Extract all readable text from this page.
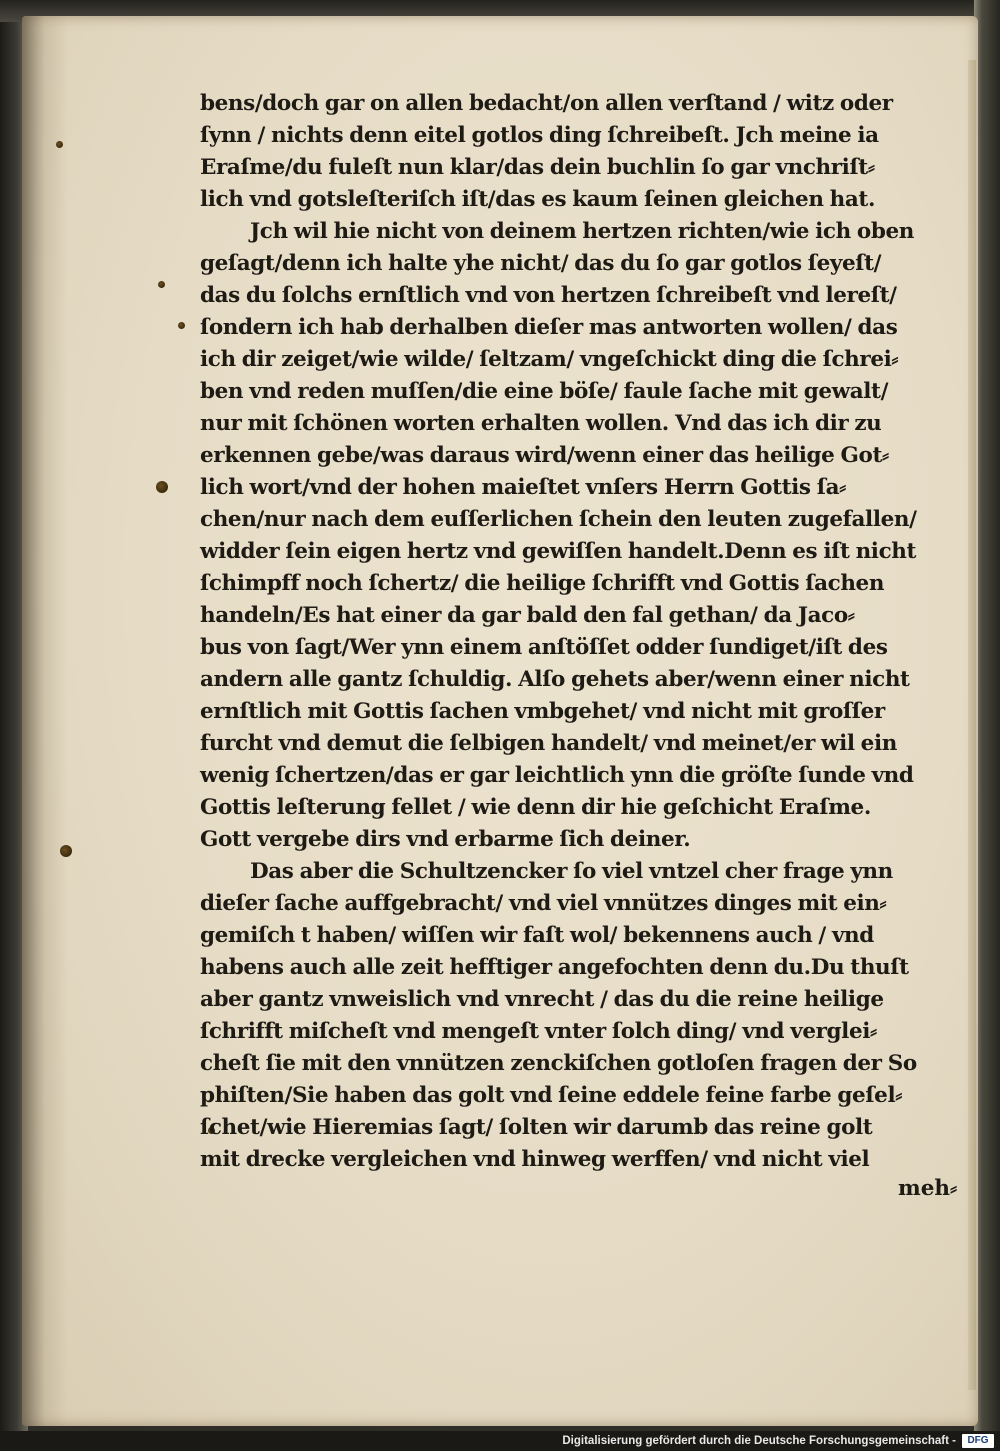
bens/doch gar on allen bedacht/on allen verſtand / witz oder
ſynn / nichts denn eitel gotlos ding ſchreibeſt. Jch meine ia
Eraſme/du fuleſt nun klar/das dein buchlin ſo gar vnchriſt⸗
lich vnd gotsleſteriſch iſt/das es kaum ſeinen gleichen hat.
Jch wil hie nicht von deinem hertzen richten/wie ich oben
geſagt/denn ich halte yhe nicht/ das du ſo gar gotlos ſeyeſt/
das du ſolchs ernſtlich vnd von hertzen ſchreibeſt vnd lereſt/
ſondern ich hab derhalben dieſer mas antworten wollen/ das
ich dir zeiget/wie wilde/ ſeltzam/ vngeſchickt ding die ſchrei⸗
ben vnd reden muſſen/die eine böſe/ faule ſache mit gewalt/
nur mit ſchönen worten erhalten wollen. Vnd das ich dir zu
erkennen gebe/was daraus wird/wenn einer das heilige Got⸗
lich wort/vnd der hohen maieſtet vnſers Herrn Gottis ſa⸗
chen/nur nach dem euſſerlichen ſchein den leuten zugefallen/
widder ſein eigen hertz vnd gewiſſen handelt.Denn es iſt nicht
ſchimpff noch ſchertz/ die heilige ſchrifft vnd Gottis ſachen
handeln/Es hat einer da gar bald den fal gethan/ da Jaco⸗
bus von ſagt/Wer ynn einem anſtöſſet odder ſundiget/iſt des
andern alle gantz ſchuldig. Alſo gehets aber/wenn einer nicht
ernſtlich mit Gottis ſachen vmbgehet/ vnd nicht mit groſſer
furcht vnd demut die ſelbigen handelt/ vnd meinet/er wil ein
wenig ſchertzen/das er gar leichtlich ynn die gröſte ſunde vnd
Gottis leſterung fellet / wie denn dir hie geſchicht Eraſme.
Gott vergebe dirs vnd erbarme ſich deiner.
Das aber die Schultzencker ſo viel vntzel cher frage ynn
dieſer ſache auffgebracht/ vnd viel vnnützes dinges mit ein⸗
gemiſch t haben/ wiſſen wir faſt wol/ bekennens auch / vnd
habens auch alle zeit hefftiger angefochten denn du.Du thuſt
aber gantz vnweislich vnd vnrecht / das du die reine heilige
ſchrifft miſcheſt vnd mengeſt vnter ſolch ding/ vnd verglei⸗
cheſt ſie mit den vnnützen zenckiſchen gotloſen fragen der So
phiſten/Sie haben das golt vnd ſeine eddele feine farbe geſel⸗
ſchet/wie Hieremias ſagt/ ſolten wir darumb das reine golt
mit drecke vergleichen vnd hinweg werffen/ vnd nicht viel
meh⸗
Digitalisierung gefördert durch die Deutsche Forschungsgemeinschaft -	DFG
